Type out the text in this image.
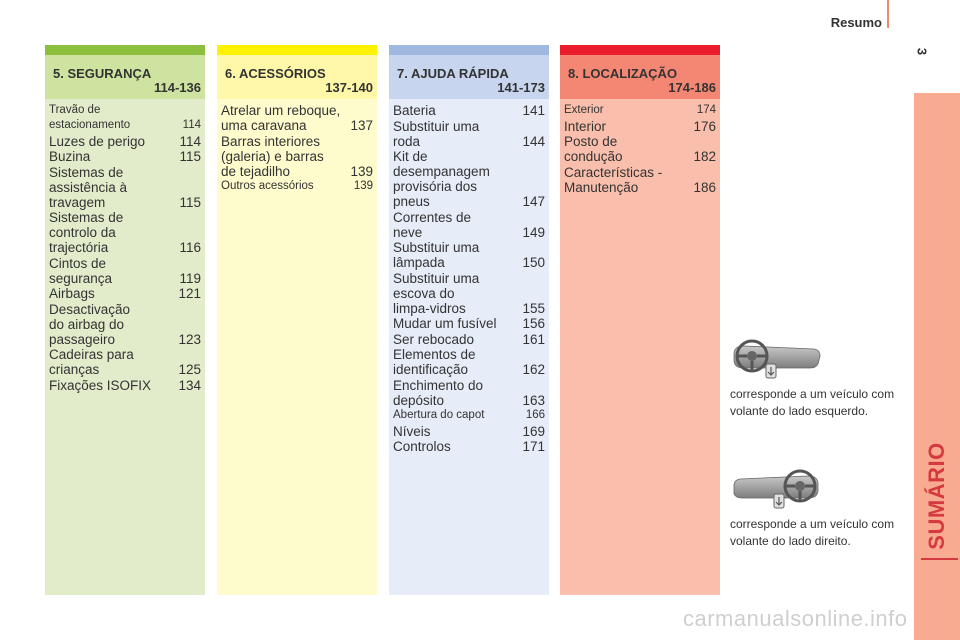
Resumo
3
SUMÁRIO
5. SEGURANÇA
114-136
Travão de
estacionamento	114
Luzes de perigo	114
Buzina	115
Sistemas de
assistência à
travagem	115
Sistemas de
controlo da
trajectória	116
Cintos de
segurança	119
Airbags	121
Desactivação
do airbag do
passageiro	123
Cadeiras para
crianças	125
Fixações ISOFIX 134
6. ACESSÓRIOS
137-140
Atrelar um reboque,
uma caravana	137
Barras interiores
(galeria) e barras
de tejadilho	139
Outros acessórios	139
7. AJUDA RÁPIDA
141-173
Bateria	141
Substituir uma
roda	144
Kit de
desempanagem
provisória dos
pneus	147
Correntes de
neve	149
Substituir uma
lâmpada	150
Substituir uma
escova do
limpa-vidros	155
Mudar um fusível 156
Ser rebocado	161
Elementos de
identificação	162
Enchimento do
depósito	163
Abertura do capot	166
Níveis	169
Controlos	171
8. LOCALIZAÇÃO
174-186
Exterior	174
Interior	176
Posto de
condução	182
Características -
Manutenção	186
corresponde a um veículo com volante do lado esquerdo.
corresponde a um veículo com volante do lado direito.
carmanualsonline.info
